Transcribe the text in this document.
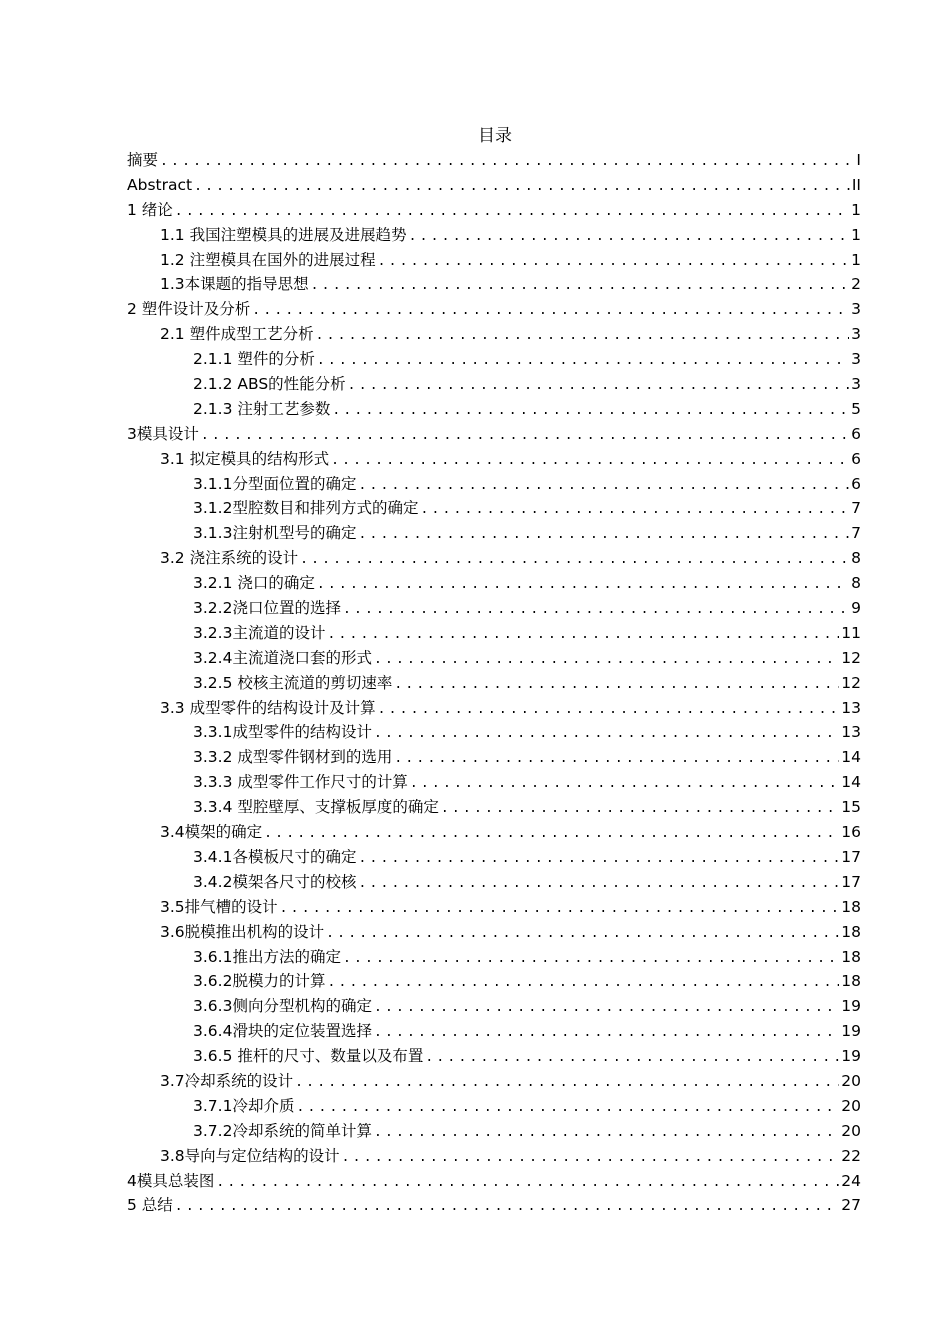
目录
摘要 .....	I
Abstract .....	II
1 绪论 .....	1
1.1 我国注塑模具的进展及进展趋势 .....	1
1.2 注塑模具在国外的进展过程 .....	1
1.3本课题的指导思想 .....	2
2 塑件设计及分析 .....	3
2.1 塑件成型工艺分析 .....	3
2.1.1 塑件的分析 .....	3
2.1.2 ABS的性能分析 .....	3
2.1.3 注射工艺参数 .....	5
3模具设计 .....	6
3.1 拟定模具的结构形式 .....	6
3.1.1分型面位置的确定 .....	6
3.1.2型腔数目和排列方式的确定 .....	7
3.1.3注射机型号的确定 .....	7
3.2 浇注系统的设计 .....	8
3.2.1 浇口的确定 .....	8
3.2.2浇口位置的选择 .....	9
3.2.3主流道的设计 .....	11
3.2.4主流道浇口套的形式 .....	12
3.2.5 校核主流道的剪切速率 .....	12
3.3 成型零件的结构设计及计算 .....	13
3.3.1成型零件的结构设计 .....	13
3.3.2 成型零件钢材到的选用 .....	14
3.3.3 成型零件工作尺寸的计算 .....	14
3.3.4 型腔壁厚、支撑板厚度的确定 .....	15
3.4模架的确定 .....	16
3.4.1各模板尺寸的确定 .....	17
3.4.2模架各尺寸的校核 .....	17
3.5排气槽的设计 .....	18
3.6脱模推出机构的设计 .....	18
3.6.1推出方法的确定 .....	18
3.6.2脱模力的计算 .....	18
3.6.3侧向分型机构的确定 .....	19
3.6.4滑块的定位装置选择 .....	19
3.6.5 推杆的尺寸、数量以及布置 .....	19
3.7冷却系统的设计 .....	20
3.7.1冷却介质 .....	20
3.7.2冷却系统的简单计算 .....	20
3.8导向与定位结构的设计 .....	22
4模具总装图 .....	24
5 总结 .....	27
